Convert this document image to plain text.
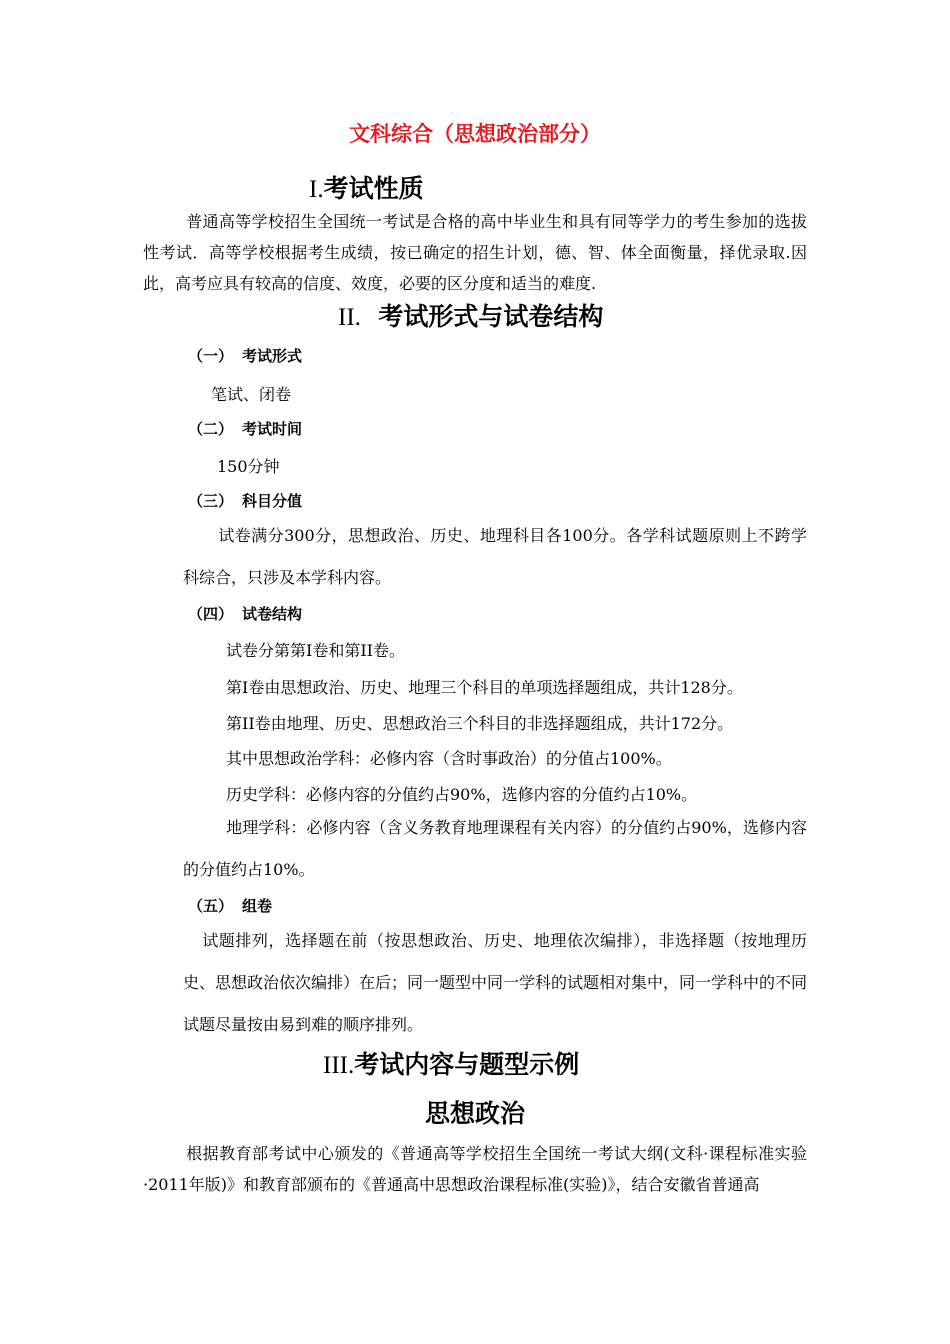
文科综合（思想政治部分）
I.考试性质
普通高等学校招生全国统一考试是合格的高中毕业生和具有同等学力的考生参加的选拔性考试．高等学校根据考生成绩，按已确定的招生计划，德、智、体全面衡量，择优录取.因此，高考应具有较高的信度、效度，必要的区分度和适当的难度.
II. 考试形式与试卷结构
（一） 考试形式
笔试、闭卷
（二） 考试时间
150分钟
（三） 科目分值
试卷满分300分，思想政治、历史、地理科目各100分。各学科试题原则上不跨学科综合，只涉及本学科内容。
（四） 试卷结构
试卷分第第I卷和第II卷。
第I卷由思想政治、历史、地理三个科目的单项选择题组成，共计128分。
第II卷由地理、历史、思想政治三个科目的非选择题组成，共计172分。
其中思想政治学科：必修内容（含时事政治）的分值占100%。
历史学科：必修内容的分值约占90%，选修内容的分值约占10%。
地理学科：必修内容（含义务教育地理课程有关内容）的分值约占90%，选修内容的分值约占10%。
（五） 组卷
试题排列，选择题在前（按思想政治、历史、地理依次编排），非选择题（按地理历史、思想政治依次编排）在后；同一题型中同一学科的试题相对集中，同一学科中的不同试题尽量按由易到难的顺序排列。
III.考试内容与题型示例
思想政治
根据教育部考试中心颁发的《普通高等学校招生全国统一考试大纲(文科·课程标准实验·2011年版)》和教育部颁布的《普通高中思想政治课程标准(实验)》，结合安徽省普通高
